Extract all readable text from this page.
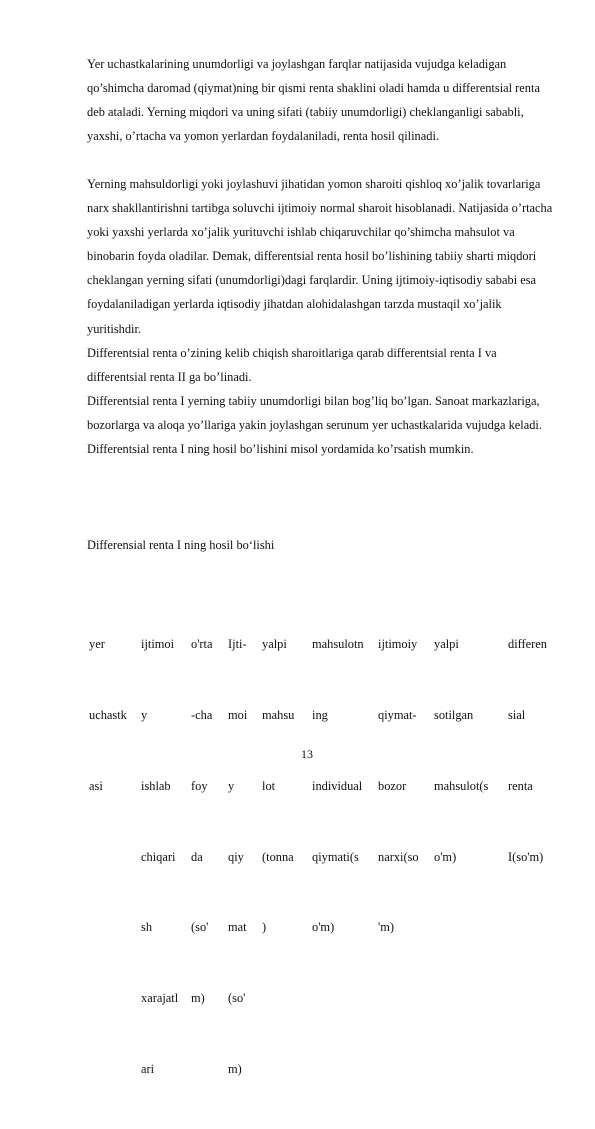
Yer uchastkalarining unumdorligi va joylashgan farqlar natijasida vujudga keladigan qo’shimcha daromad (qiymat)ning bir qismi renta shaklini oladi hamda u differentsial renta deb ataladi. Yerning miqdori va uning sifati (tabiiy unumdorligi) cheklanganligi sababli, yaxshi, o’rtacha va yomon yerlardan foydalaniladi, renta hosil qilinadi.

Yerning mahsuldorligi yoki joylashuvi jihatidan yomon sharoiti qishloq xo’jalik tovarlariga narx shakllantirishni tartibga soluvchi ijtimoiy normal sharoit hisoblanadi. Natijasida o’rtacha yoki yaxshi yerlarda xo’jalik yurituvchi ishlab chiqaruvchilar qo’shimcha mahsulot va binobarin foyda oladilar. Demak, differentsial renta hosil bo’lishining tabiiy sharti miqdori cheklangan yerning sifati (unumdorligi)dagi farqlardir. Uning ijtimoiy-iqtisodiy sababi esa foydalaniladigan yerlarda iqtisodiy jihatdan alohidalashgan tarzda mustaqil xo’jalik yuritishdir.

Differentsial renta o’zining kelib chiqish sharoitlariga qarab differentsial renta I va differentsial renta II ga bo’linadi.

Differentsial renta I yerning tabiiy unumdorligi bilan bog’liq bo’lgan. Sanoat markazlariga, bozorlarga va aloqa yo’llariga yakin joylashgan serunum yer uchastkalarida vujudga keladi. Differentsial renta I ning hosil bo’lishini misol yordamida ko’rsatish mumkin.

Differensial renta I ning hosil bo‘lishi

yer

uchastk

asi

ijtimoi

y

ishlab

chiqari

sh

xarajatl

ari

o'rta

-cha

foy

da

(so'

m)

Ijti-

moi

y

qiy

mat

(so'

m)

yalpi

mahsu

lot

(tonna

)

mahsulotn

ing

individual

qiymati(s

o'm)

ijtimoiy

qiymat-

bozor

narxi(so

'm)

yalpi

sotilgan

mahsulot(s

o'm)

differen

sial

renta

I(so'm)

13
